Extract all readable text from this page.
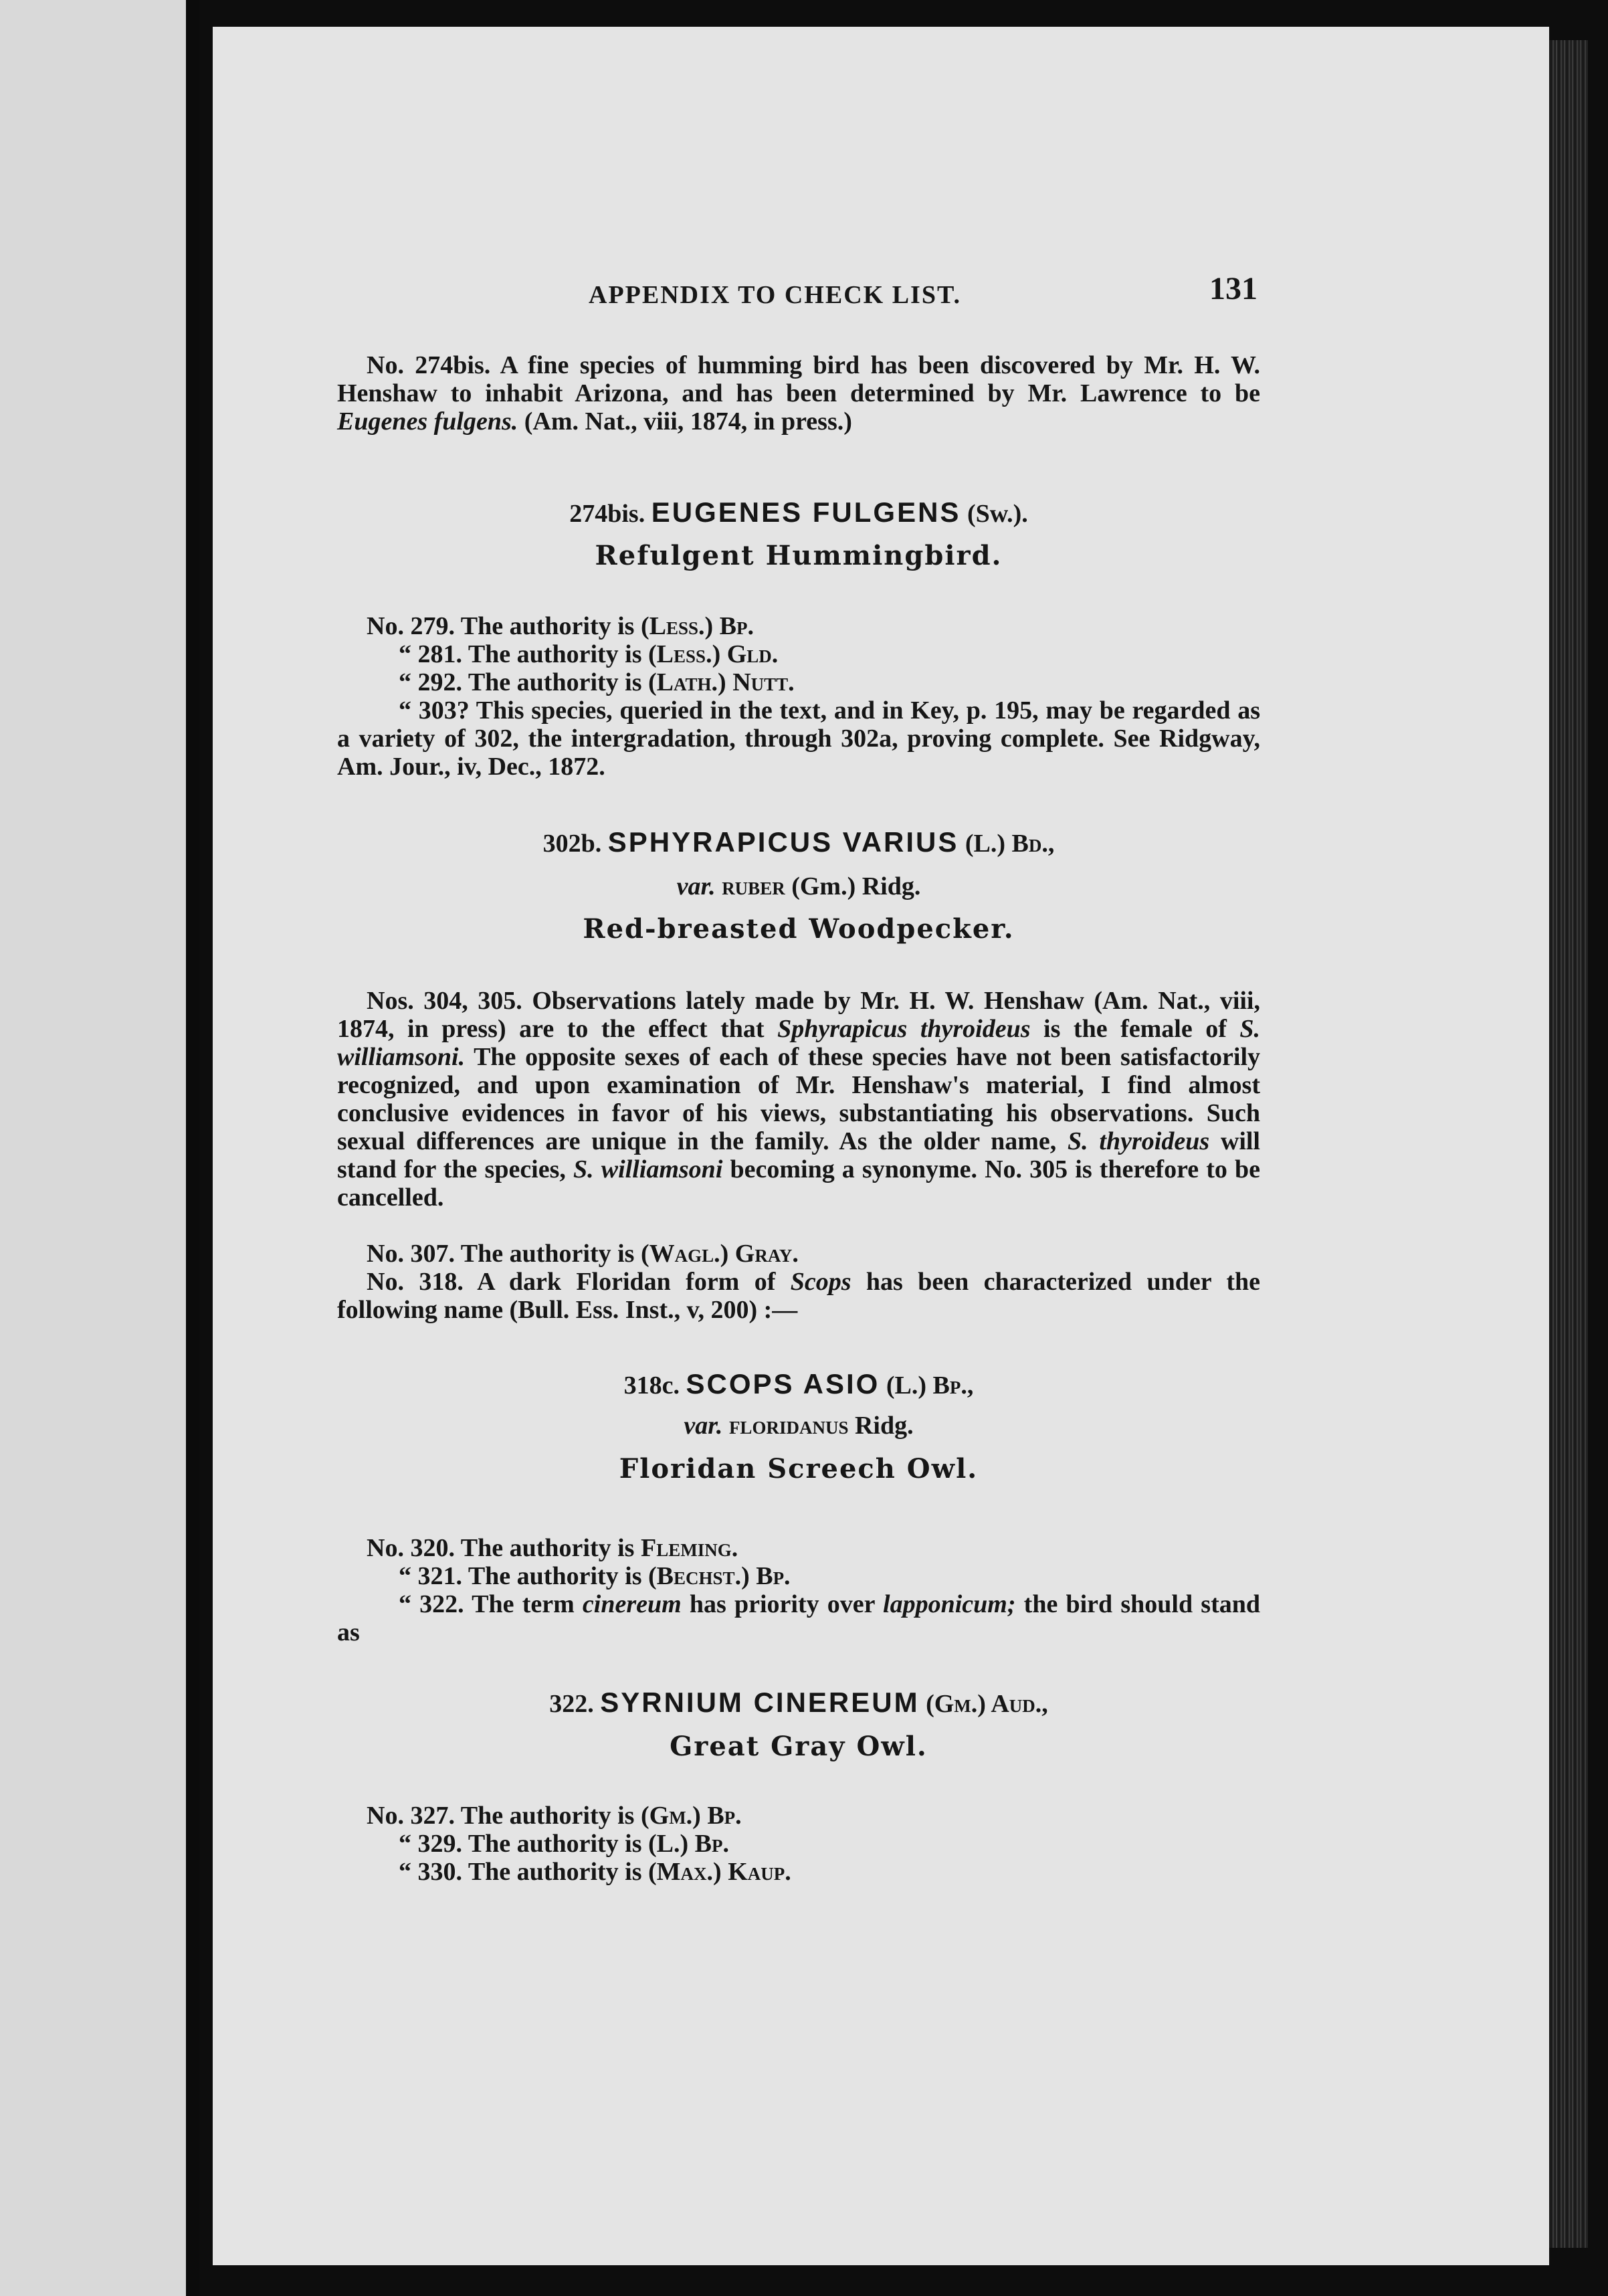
APPENDIX TO CHECK LIST.	131

No. 274bis. A fine species of humming bird has been discovered by Mr. H. W. Henshaw to inhabit Arizona, and has been determined by Mr. Lawrence to be Eugenes fulgens. (Am. Nat., viii, 1874, in press.)

274bis. EUGENES FULGENS (Sw.).
Refulgent Hummingbird.
No. 279. The authority is (Less.) Bp.
“ 281. The authority is (Less.) Gld.
“ 292. The authority is (Lath.) Nutt.

“ 303? This species, queried in the text, and in Key, p. 195, may be regarded as a variety of 302, the intergradation, through 302a, proving complete. See Ridgway, Am. Jour., iv, Dec., 1872.

302b. SPHYRAPICUS VARIUS (L.) Bd.,
var. ruber (Gm.) Ridg.
Red-breasted Woodpecker.

Nos. 304, 305. Observations lately made by Mr. H. W. Henshaw (Am. Nat., viii, 1874, in press) are to the effect that Sphyrapicus thyroideus is the female of S. williamsoni. The opposite sexes of each of these species have not been satisfactorily recognized, and upon examination of Mr. Henshaw's material, I find almost conclusive evidences in favor of his views, substantiating his observations. Such sexual differences are unique in the family. As the older name, S. thyroideus will stand for the species, S. williamsoni becoming a synonyme. No. 305 is therefore to be cancelled.

No. 307. The authority is (Wagl.) Gray.

No. 318. A dark Floridan form of Scops has been characterized under the following name (Bull. Ess. Inst., v, 200) :—

318c. SCOPS ASIO (L.) Bp.,
var. floridanus Ridg.
Floridan Screech Owl.
No. 320. The authority is Fleming.
“ 321. The authority is (Bechst.) Bp.

“ 322. The term cinereum has priority over lapponicum; the bird should stand as

322. SYRNIUM CINEREUM (Gm.) Aud.,
Great Gray Owl.
No. 327. The authority is (Gm.) Bp.
“ 329. The authority is (L.) Bp.
“ 330. The authority is (Max.) Kaup.
